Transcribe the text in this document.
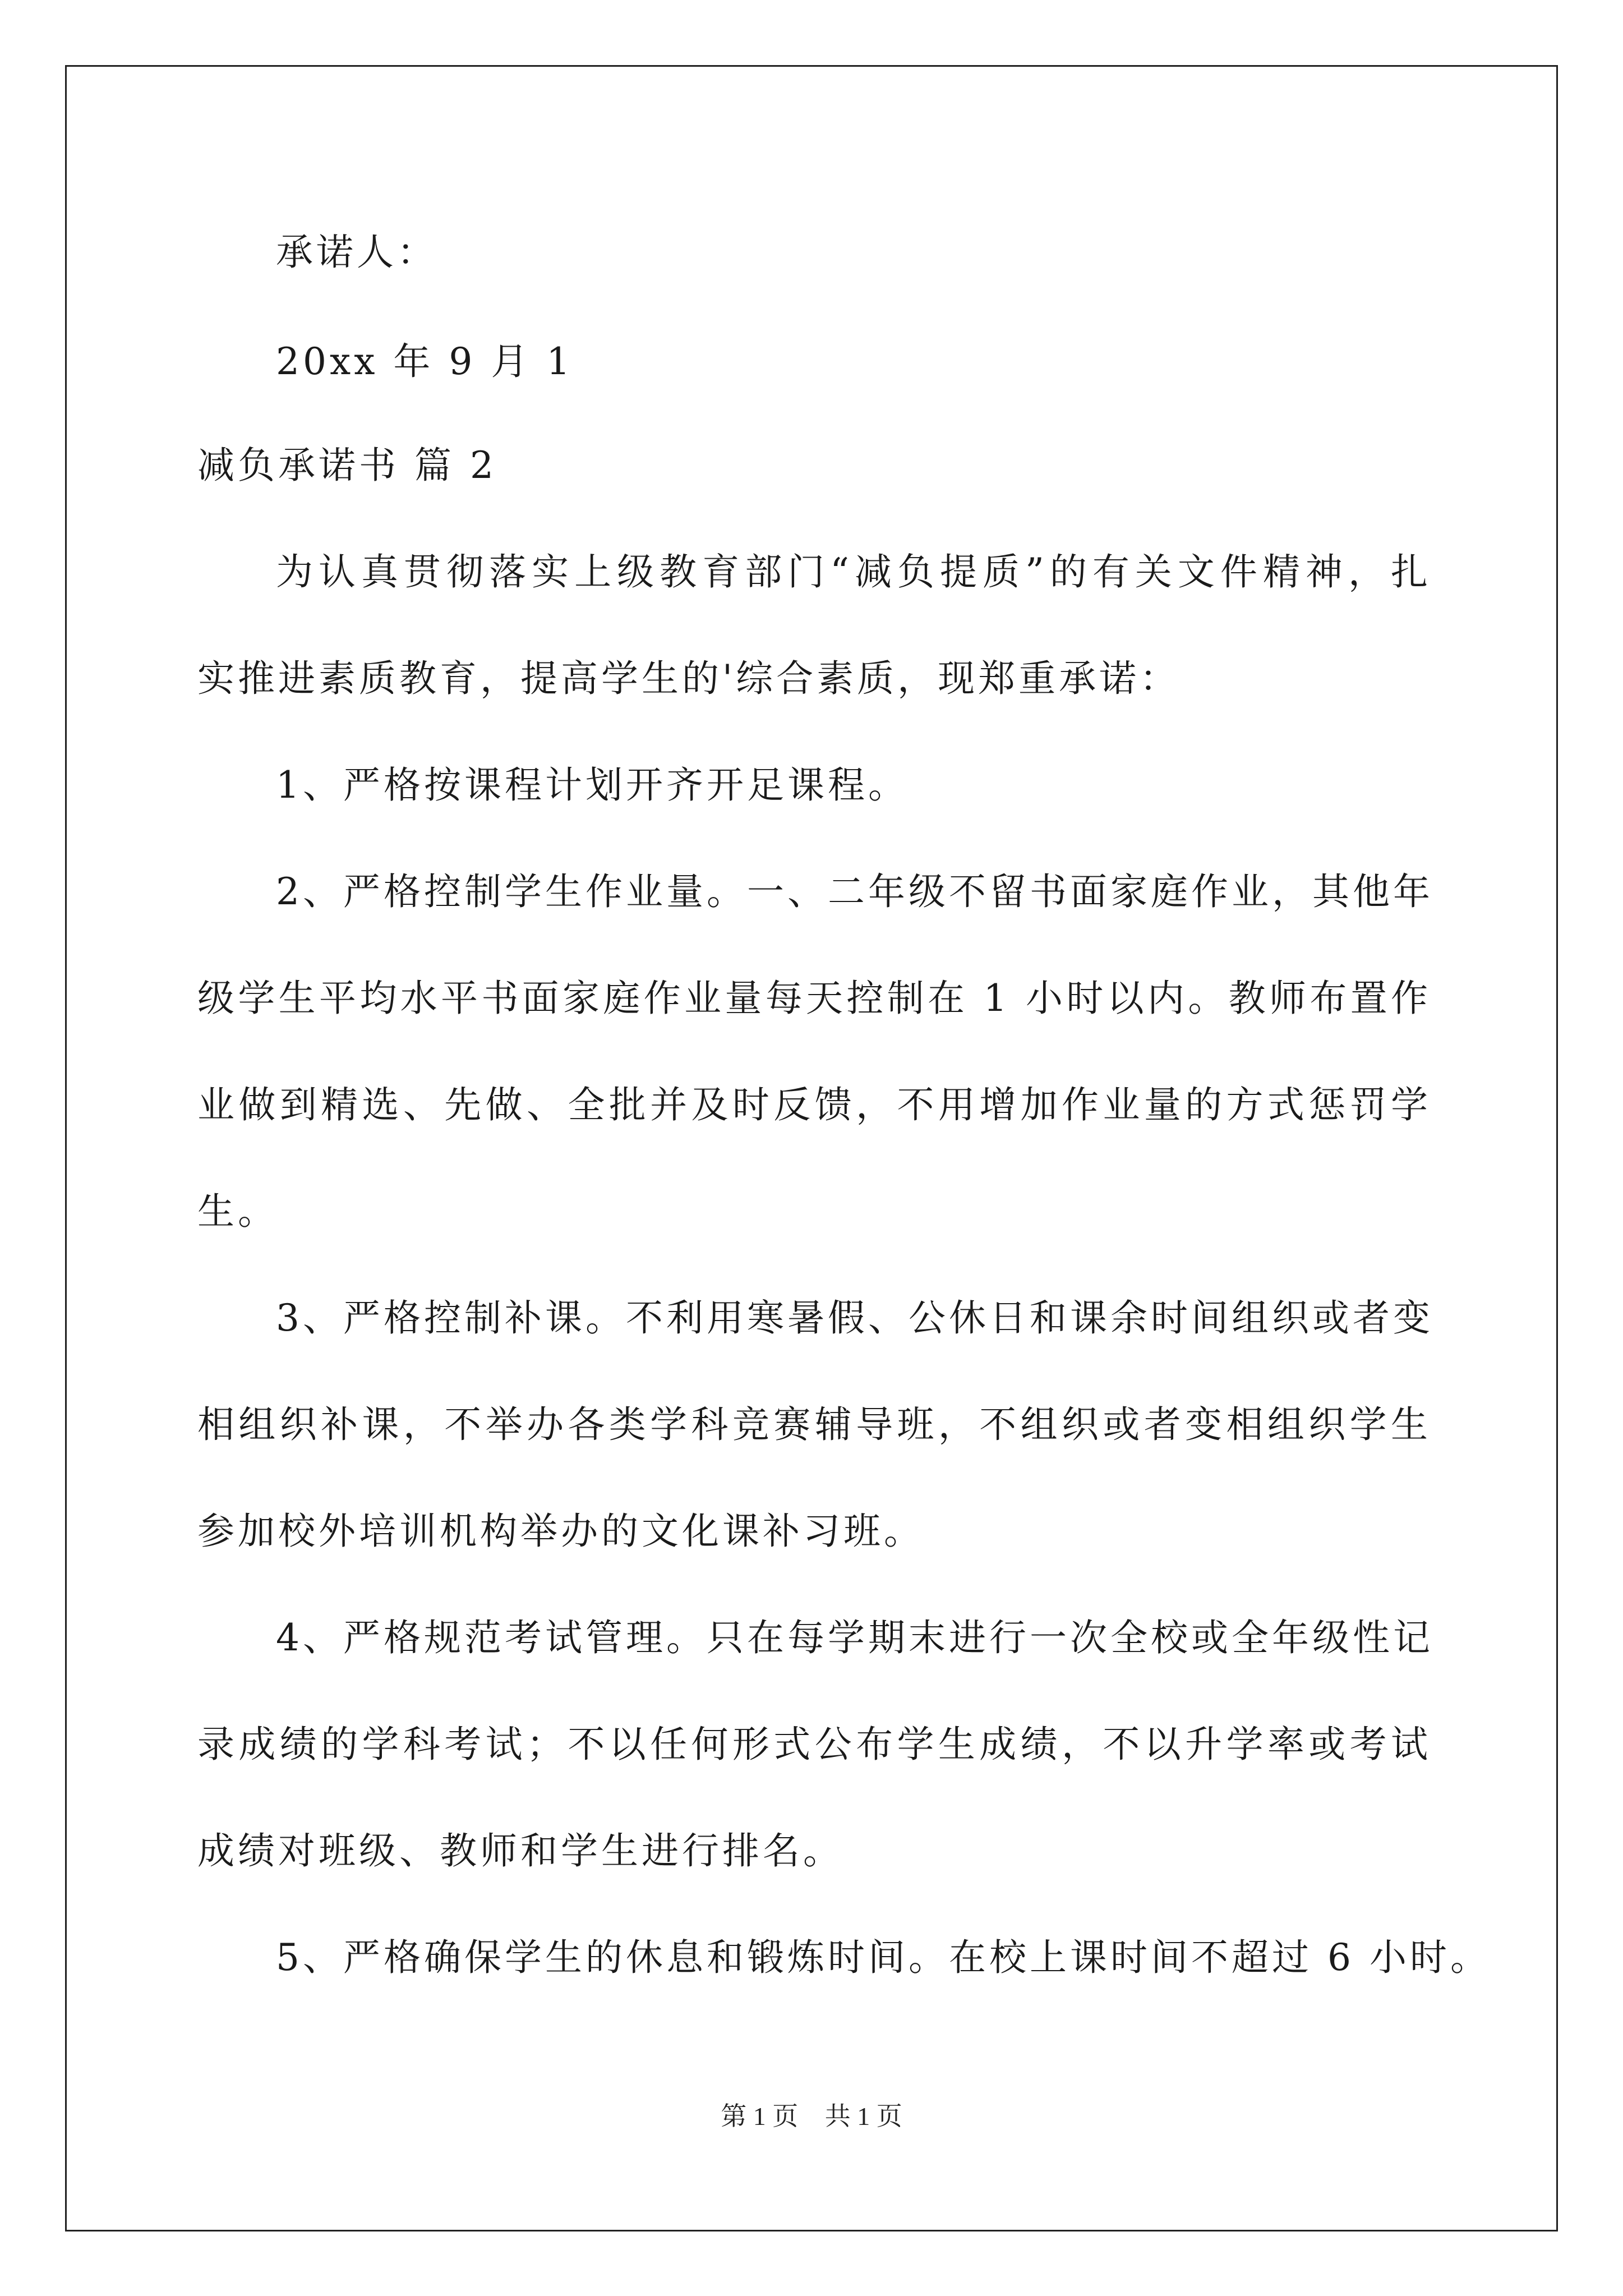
承诺人：
20xx 年 9 月 1
减负承诺书 篇 2
为认真贯彻落实上级教育部门“减负提质”的有关文件精神，扎
实推进素质教育，提高学生的'综合素质，现郑重承诺：
1、严格按课程计划开齐开足课程。
2、严格控制学生作业量。一、二年级不留书面家庭作业，其他年
级学生平均水平书面家庭作业量每天控制在 1 小时以内。教师布置作
业做到精选、先做、全批并及时反馈，不用增加作业量的方式惩罚学
生。
3、严格控制补课。不利用寒暑假、公休日和课余时间组织或者变
相组织补课，不举办各类学科竞赛辅导班，不组织或者变相组织学生
参加校外培训机构举办的文化课补习班。
4、严格规范考试管理。只在每学期末进行一次全校或全年级性记
录成绩的学科考试；不以任何形式公布学生成绩，不以升学率或考试
成绩对班级、教师和学生进行排名。
5、严格确保学生的休息和锻炼时间。在校上课时间不超过 6 小时。
第 1 页 共 1 页
